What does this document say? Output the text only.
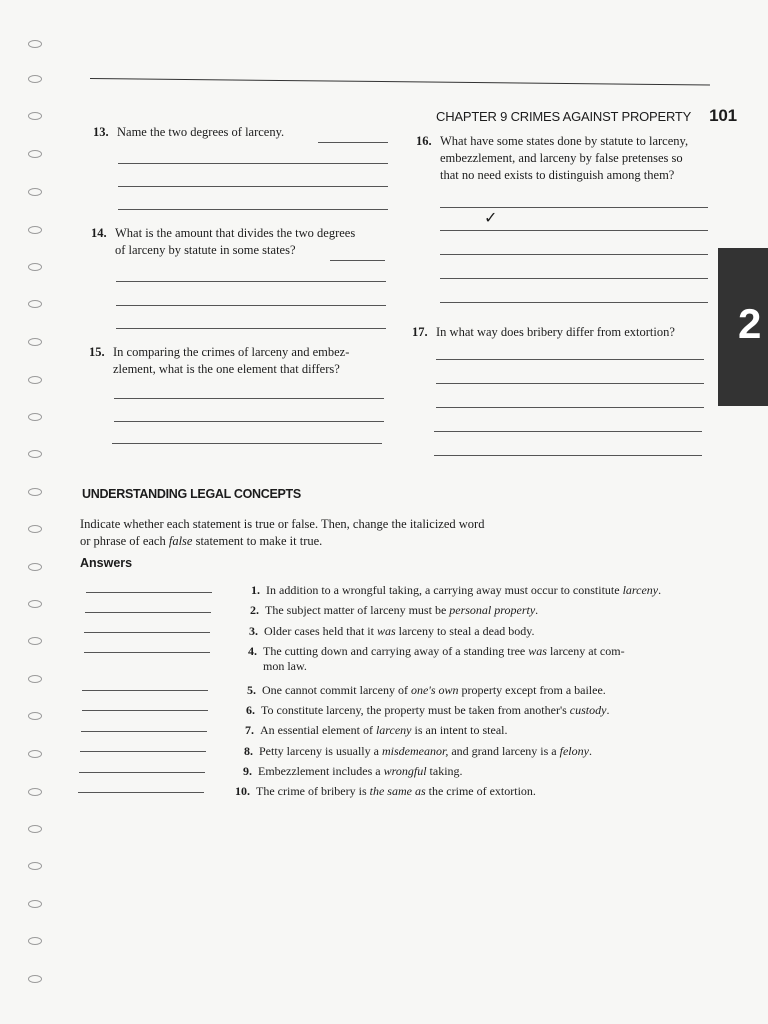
CHAPTER 9 CRIMES AGAINST PROPERTY 101
2
13. Name the two degrees of larceny.
14. What is the amount that divides the two degrees
of larceny by statute in some states?
15. In comparing the crimes of larceny and embez-
zlement, what is the one element that differs?
16. What have some states done by statute to larceny,
embezzlement, and larceny by false pretenses so
that no need exists to distinguish among them?
✓
17. In what way does bribery differ from extortion?
UNDERSTANDING LEGAL CONCEPTS
Indicate whether each statement is true or false. Then, change the italicized word
or phrase of each false statement to make it true.
Answers
1. In addition to a wrongful taking, a carrying away must occur to constitute larceny.
2. The subject matter of larceny must be personal property.
3. Older cases held that it was larceny to steal a dead body.
4. The cutting down and carrying away of a standing tree was larceny at com-
mon law.
5. One cannot commit larceny of one's own property except from a bailee.
6. To constitute larceny, the property must be taken from another's custody.
7. An essential element of larceny is an intent to steal.
8. Petty larceny is usually a misdemeanor, and grand larceny is a felony.
9. Embezzlement includes a wrongful taking.
10. The crime of bribery is the same as the crime of extortion.
